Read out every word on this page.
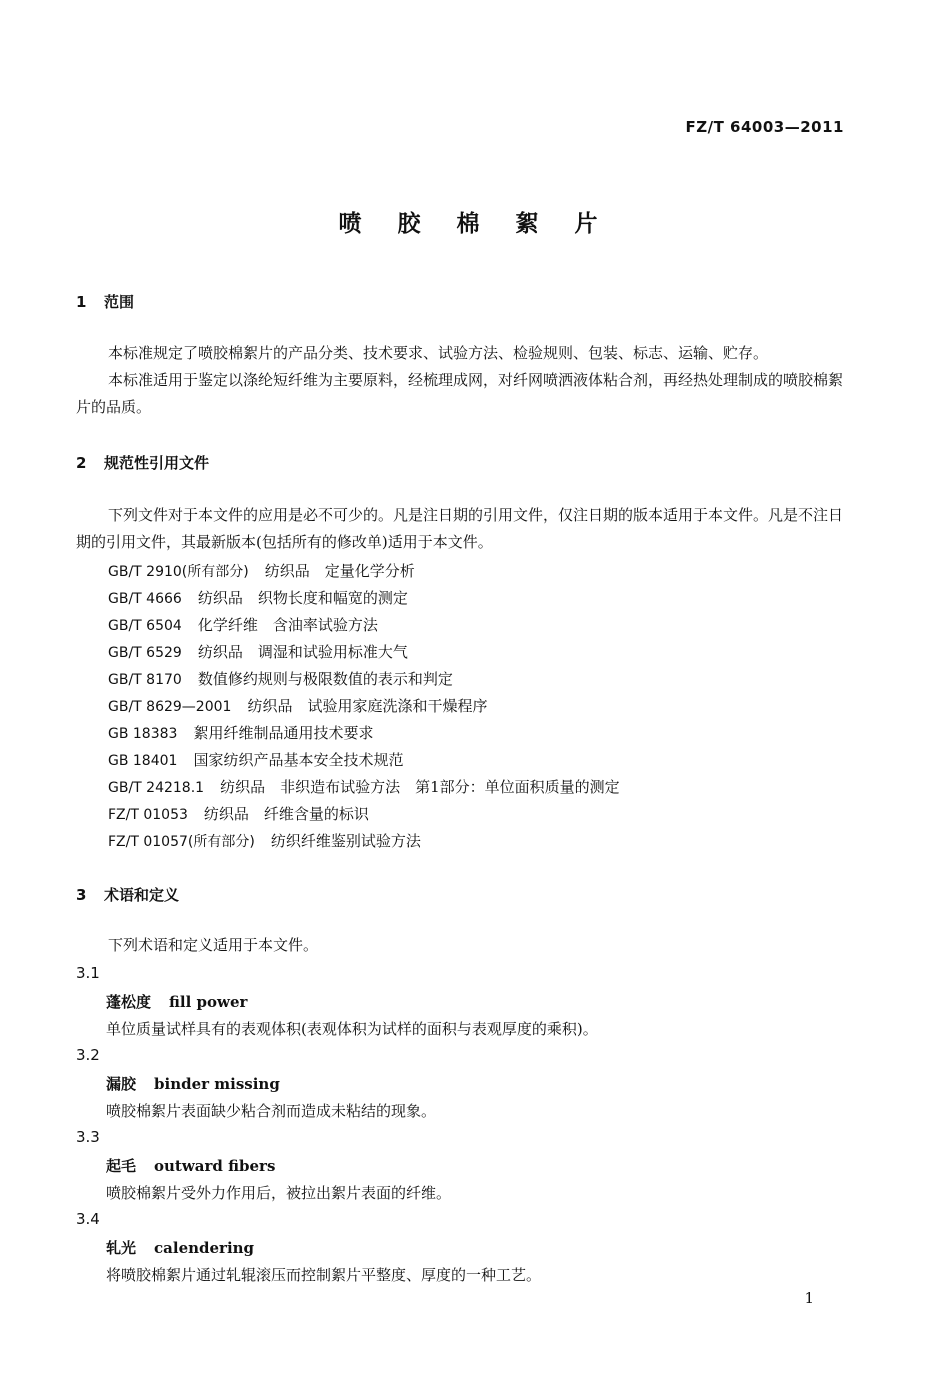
FZ/T 64003—2011
喷 胶 棉 絮 片
1 范围
本标准规定了喷胶棉絮片的产品分类、技术要求、试验方法、检验规则、包装、标志、运输、贮存。
本标准适用于鉴定以涤纶短纤维为主要原料，经梳理成网，对纤网喷洒液体粘合剂，再经热处理制成的喷胶棉絮片的品质。
2 规范性引用文件
下列文件对于本文件的应用是必不可少的。凡是注日期的引用文件，仅注日期的版本适用于本文件。凡是不注日期的引用文件，其最新版本(包括所有的修改单)适用于本文件。
GB/T 2910(所有部分) 纺织品　定量化学分析
GB/T 4666 纺织品　织物长度和幅宽的测定
GB/T 6504 化学纤维　含油率试验方法
GB/T 6529 纺织品　调湿和试验用标准大气
GB/T 8170 数值修约规则与极限数值的表示和判定
GB/T 8629—2001 纺织品　试验用家庭洗涤和干燥程序
GB 18383 絮用纤维制品通用技术要求
GB 18401 国家纺织产品基本安全技术规范
GB/T 24218.1 纺织品　非织造布试验方法　第1部分：单位面积质量的测定
FZ/T 01053 纺织品　纤维含量的标识
FZ/T 01057(所有部分) 纺织纤维鉴别试验方法
3 术语和定义
下列术语和定义适用于本文件。
3.1
蓬松度 fill power
单位质量试样具有的表观体积(表观体积为试样的面积与表观厚度的乘积)。
3.2
漏胶 binder missing
喷胶棉絮片表面缺少粘合剂而造成未粘结的现象。
3.3
起毛 outward fibers
喷胶棉絮片受外力作用后，被拉出絮片表面的纤维。
3.4
轧光 calendering
将喷胶棉絮片通过轧辊滚压而控制絮片平整度、厚度的一种工艺。
1
